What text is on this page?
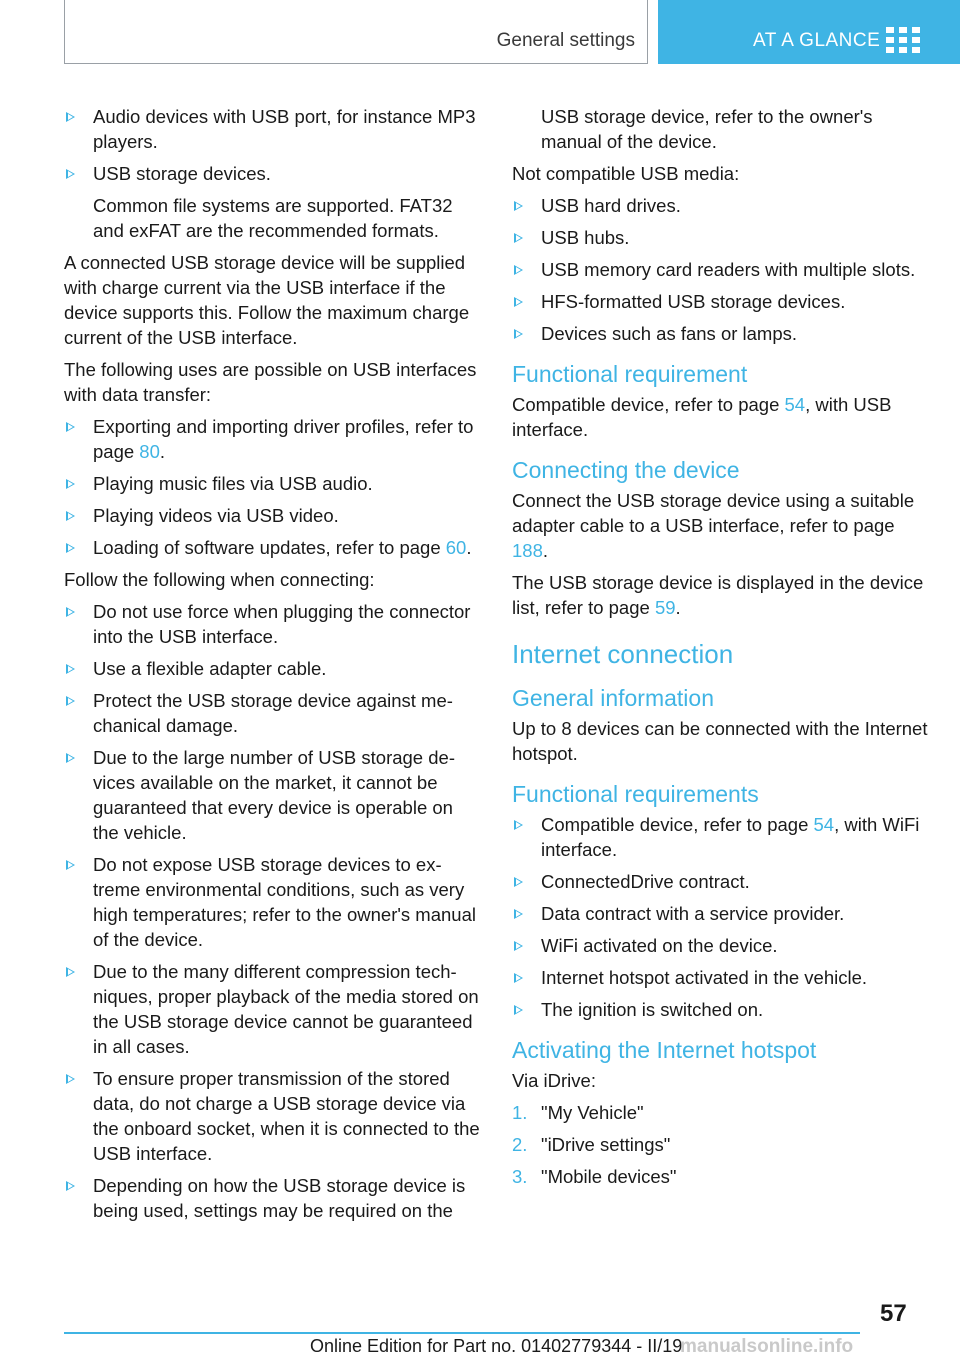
General settings	AT A GLANCE
Audio devices with USB port, for instance MP3 players.
USB storage devices.
Common file systems are supported. FAT32 and exFAT are the recommended formats.

A connected USB storage device will be supplied with charge current via the USB interface if the device supports this. Follow the maximum charge current of the USB interface.

The following uses are possible on USB interfaces with data transfer:

Exporting and importing driver profiles, refer to page 80.
Playing music files via USB audio.
Playing videos via USB video.
Loading of software updates, refer to page 60.

Follow the following when connecting:

Do not use force when plugging the connector into the USB interface.
Use a flexible adapter cable.
Protect the USB storage device against mechanical damage.
Due to the large number of USB storage devices available on the market, it cannot be guaranteed that every device is operable on the vehicle.
Do not expose USB storage devices to extreme environmental conditions, such as very high temperatures; refer to the owner's manual of the device.
Due to the many different compression techniques, proper playback of the media stored on the USB storage device cannot be guaranteed in all cases.
To ensure proper transmission of the stored data, do not charge a USB storage device via the onboard socket, when it is connected to the USB interface.
Depending on how the USB storage device is being used, settings may be required on the
USB storage device, refer to the owner's manual of the device.

Not compatible USB media:

USB hard drives.
USB hubs.
USB memory card readers with multiple slots.
HFS-formatted USB storage devices.
Devices such as fans or lamps.
Functional requirement

Compatible device, refer to page 54, with USB interface.

Connecting the device

Connect the USB storage device using a suitable adapter cable to a USB interface, refer to page 188.

The USB storage device is displayed in the device list, refer to page 59.

Internet connection
General information

Up to 8 devices can be connected with the Internet hotspot.

Functional requirements
Compatible device, refer to page 54, with WiFi interface.
ConnectedDrive contract.
Data contract with a service provider.
WiFi activated on the device.
Internet hotspot activated in the vehicle.
The ignition is switched on.
Activating the Internet hotspot

Via iDrive:

1. "My Vehicle"
2. "iDrive settings"
3. "Mobile devices"
57
Online Edition for Part no. 01402779344 - II/19
manualsonline.info
